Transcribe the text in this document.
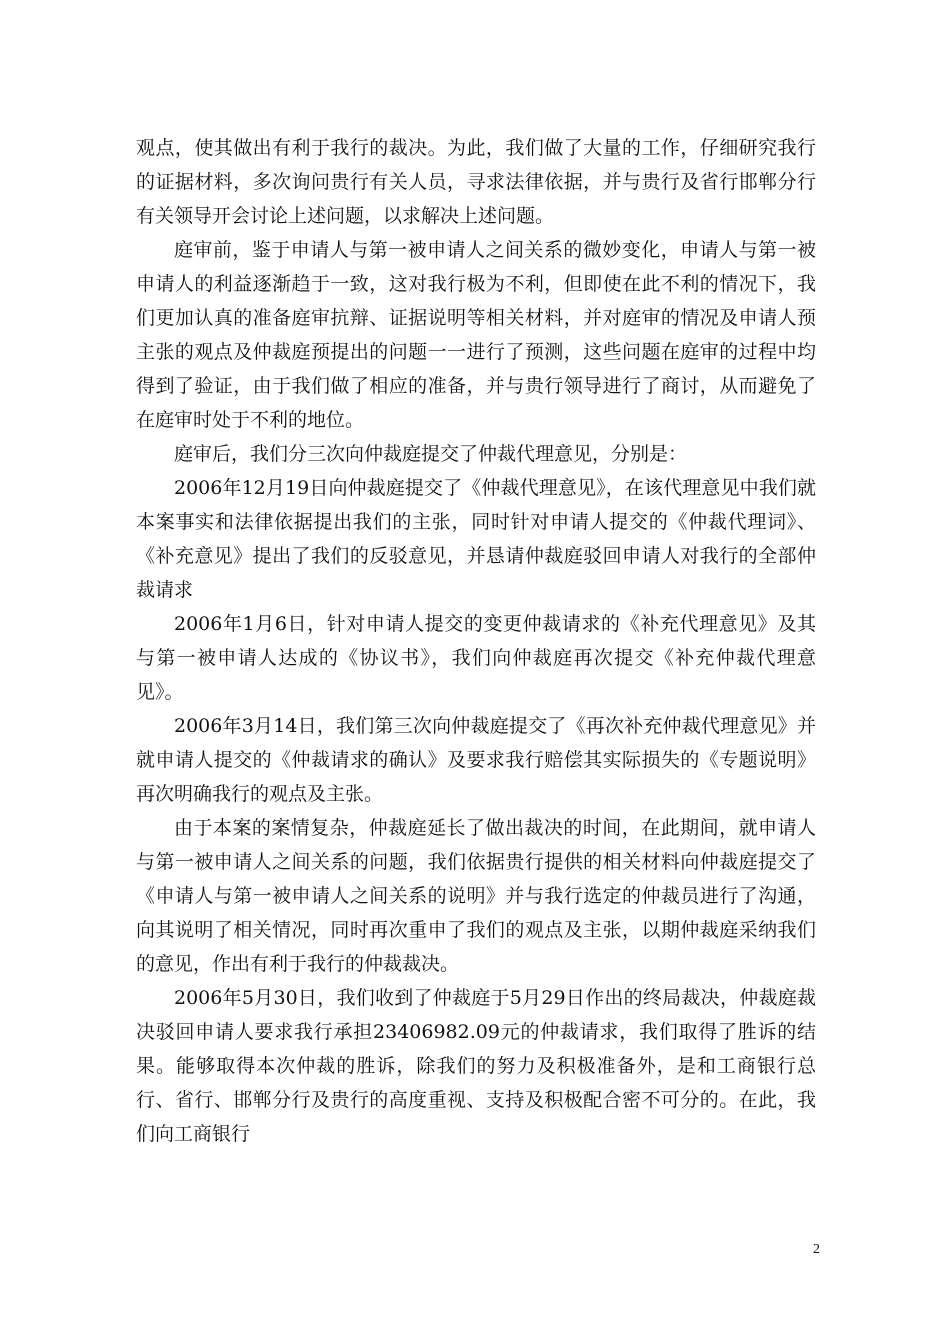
观点，使其做出有利于我行的裁决。为此，我们做了大量的工作，仔细研究我行的证据材料，多次询问贵行有关人员，寻求法律依据，并与贵行及省行邯郸分行有关领导开会讨论上述问题，以求解决上述问题。

庭审前，鉴于申请人与第一被申请人之间关系的微妙变化，申请人与第一被申请人的利益逐渐趋于一致，这对我行极为不利，但即使在此不利的情况下，我们更加认真的准备庭审抗辩、证据说明等相关材料，并对庭审的情况及申请人预主张的观点及仲裁庭预提出的问题一一进行了预测，这些问题在庭审的过程中均得到了验证，由于我们做了相应的准备，并与贵行领导进行了商讨，从而避免了在庭审时处于不利的地位。

庭审后，我们分三次向仲裁庭提交了仲裁代理意见，分别是：

2006年12月19日向仲裁庭提交了《仲裁代理意见》，在该代理意见中我们就本案事实和法律依据提出我们的主张，同时针对申请人提交的《仲裁代理词》、《补充意见》提出了我们的反驳意见，并恳请仲裁庭驳回申请人对我行的全部仲裁请求

2006年1月6日，针对申请人提交的变更仲裁请求的《补充代理意见》及其与第一被申请人达成的《协议书》，我们向仲裁庭再次提交《补充仲裁代理意见》。

2006年3月14日，我们第三次向仲裁庭提交了《再次补充仲裁代理意见》并就申请人提交的《仲裁请求的确认》及要求我行赔偿其实际损失的《专题说明》再次明确我行的观点及主张。

由于本案的案情复杂，仲裁庭延长了做出裁决的时间，在此期间，就申请人与第一被申请人之间关系的问题，我们依据贵行提供的相关材料向仲裁庭提交了《申请人与第一被申请人之间关系的说明》并与我行选定的仲裁员进行了沟通，向其说明了相关情况，同时再次重申了我们的观点及主张，以期仲裁庭采纳我们的意见，作出有利于我行的仲裁裁决。

2006年5月30日，我们收到了仲裁庭于5月29日作出的终局裁决，仲裁庭裁决驳回申请人要求我行承担23406982.09元的仲裁请求，我们取得了胜诉的结果。能够取得本次仲裁的胜诉，除我们的努力及积极准备外，是和工商银行总行、省行、邯郸分行及贵行的高度重视、支持及积极配合密不可分的。在此，我们向工商银行

2
